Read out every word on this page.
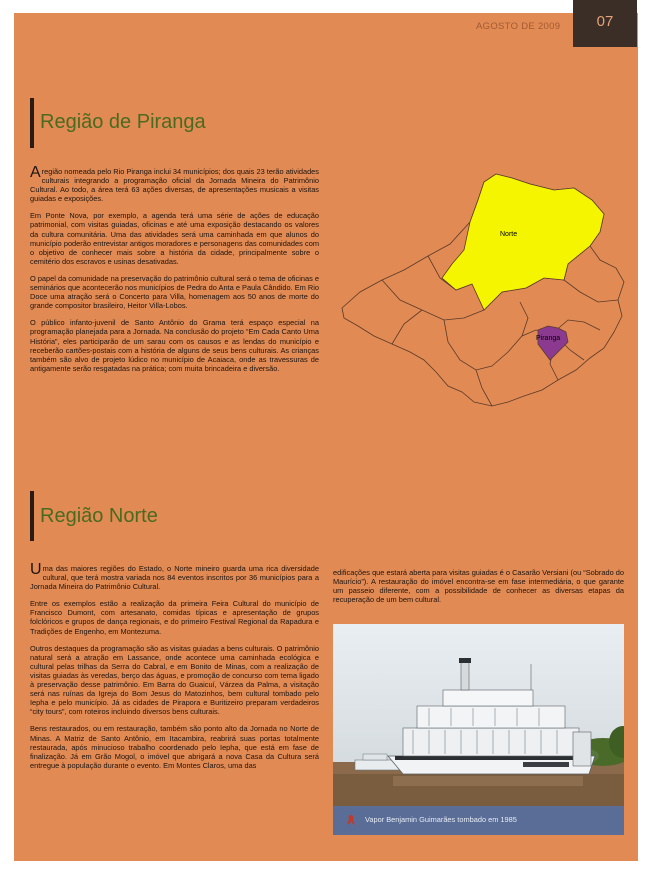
AGOSTO DE 2009	07
Região de Piranga

Aregião nomeada pelo Rio Piranga inclui 34 municípios; dos quais 23 terão atividades culturais integrando a programação oficial da Jornada Mineira do Patrimônio Cultural. Ao todo, a área terá 63 ações diversas, de apresentações musicais a visitas guiadas e exposições.

Em Ponte Nova, por exemplo, a agenda terá uma série de ações de educação patrimonial, com visitas guiadas, oficinas e até uma exposição destacando os valores da cultura comunitária. Uma das atividades será uma caminhada em que alunos do município poderão entrevistar antigos moradores e personagens das comunidades com o objetivo de conhecer mais sobre a história da cidade, principalmente sobre o cemitério dos escravos e usinas desativadas.

O papel da comunidade na preservação do patrimônio cultural será o tema de oficinas e seminários que acontecerão nos municípios de Pedra do Anta e Paula Cândido. Em Rio Doce uma atração será o Concerto para Villa, homenagem aos 50 anos de morte do grande compositor brasileiro, Heitor Villa-Lobos.

O público infanto-juvenil de Santo Antônio do Grama terá espaço especial na programação planejada para a Jornada. Na conclusão do projeto “Em Cada Canto Uma História”, eles participarão de um sarau com os causos e as lendas do município e receberão cartões-postais com a história de alguns de seus bens culturais. As crianças também são alvo de projeto lúdico no município de Acaiaca, onde as travessuras de antigamente serão resgatadas na prática; com muita brincadeira e diversão.

Norte
Piranga
Região Norte

Uma das maiores regiões do Estado, o Norte mineiro guarda uma rica diversidade cultural, que terá mostra variada nos 84 eventos inscritos por 36 municípios para a Jornada Mineira do Patrimônio Cultural.

Entre os exemplos estão a realização da primeira Feira Cultural do município de Francisco Dumont, com artesanato, comidas típicas e apresentação de grupos folclóricos e grupos de dança regionais, e do primeiro Festival Regional da Rapadura e Tradições de Engenho, em Montezuma.

Outros destaques da programação são as visitas guiadas a bens culturais. O patrimônio natural será a atração em Lassance, onde acontece uma caminhada ecológica e cultural pelas trilhas da Serra do Cabral, e em Bonito de Minas, com a realização de visitas guiadas às veredas, berço das águas, e promoção de concurso com tema ligado à preservação desse patrimônio. Em Barra do Guaicuí, Várzea da Palma, a visitação será nas ruínas da Igreja do Bom Jesus do Matozinhos, bem cultural tombado pelo Iepha e pelo município. Já as cidades de Pirapora e Buritizeiro preparam verdadeiros “city tours”, com roteiros incluindo diversos bens culturais.

Bens restaurados, ou em restauração, também são ponto alto da Jornada no Norte de Minas. A Matriz de Santo Antônio, em Itacambira, reabrirá suas portas totalmente restaurada, após minucioso trabalho coordenado pelo Iepha, que está em fase de finalização. Já em Grão Mogol, o imóvel que abrigará a nova Casa da Cultura será entregue à população durante o evento. Em Montes Claros, uma das

edificações que estará aberta para visitas guiadas é o Casarão Versiani (ou “Sobrado do Maurício”). A restauração do imóvel encontra-se em fase intermediária, o que garante um passeio diferente, com a possibilidade de conhecer as diversas etapas da recuperação de um bem cultural.

Vapor Benjamin Guimarães tombado em 1985
